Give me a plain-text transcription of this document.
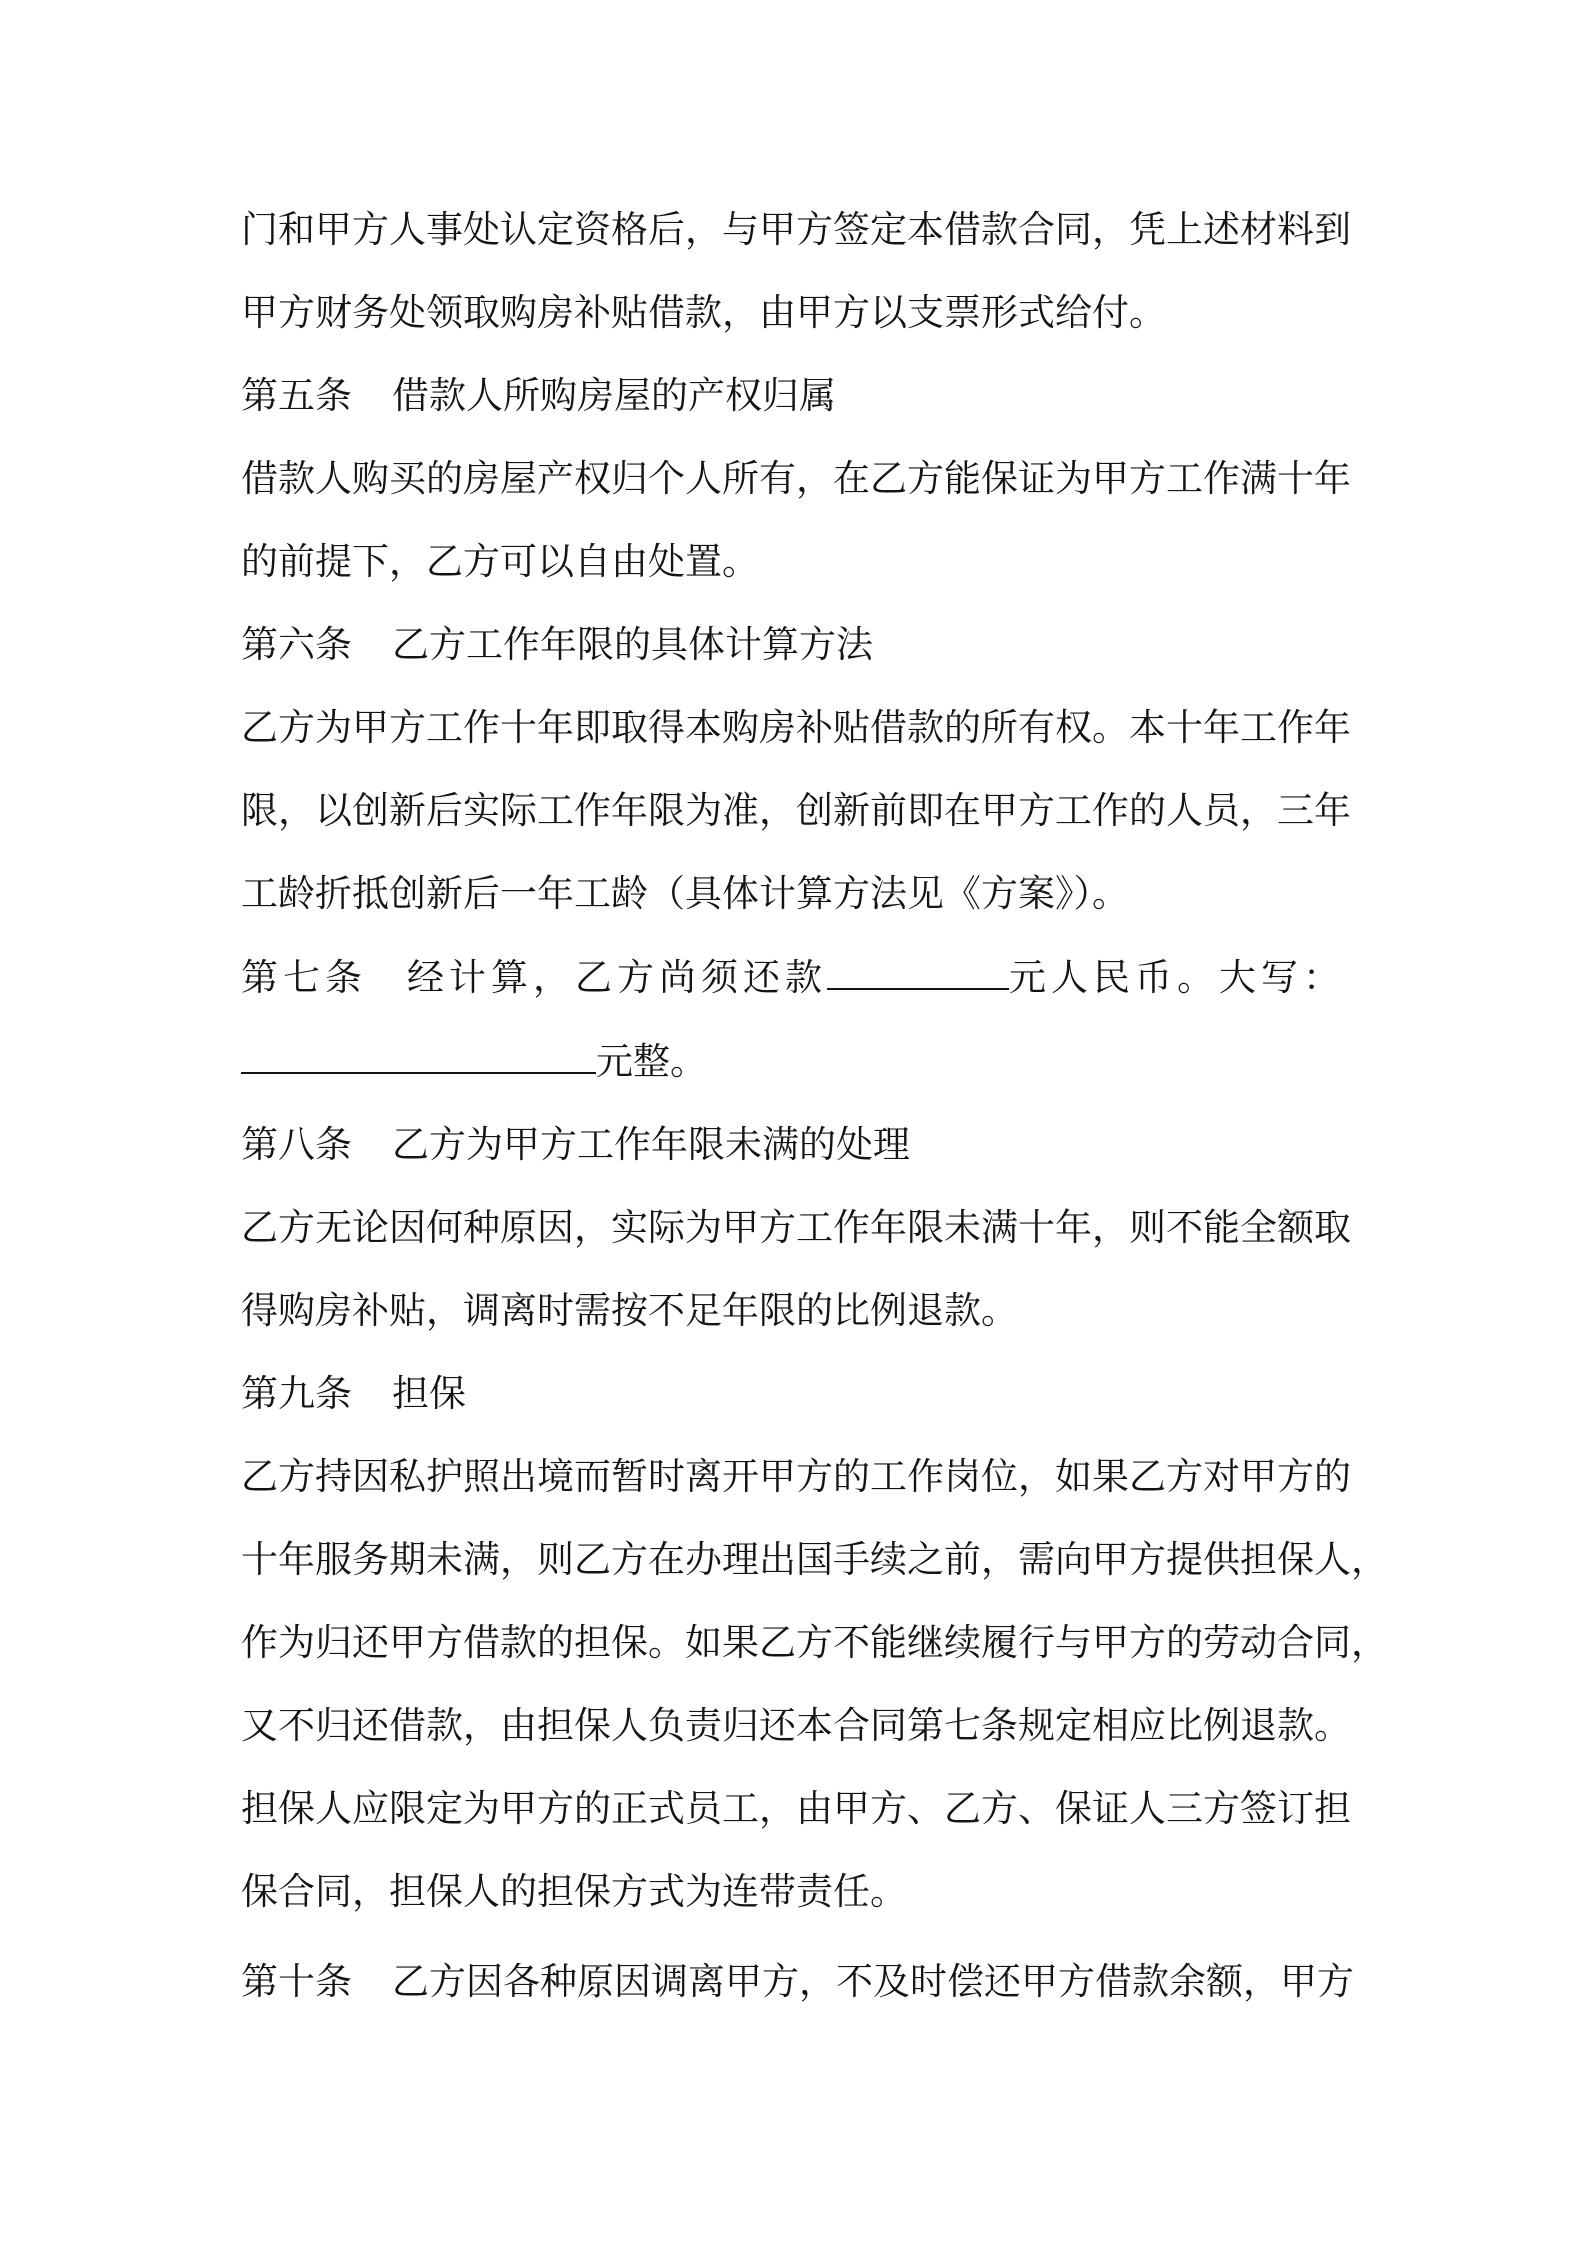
门和甲方人事处认定资格后，与甲方签定本借款合同，凭上述材料到
甲方财务处领取购房补贴借款，由甲方以支票形式给付。
第五条 借款人所购房屋的产权归属
借款人购买的房屋产权归个人所有，在乙方能保证为甲方工作满十年
的前提下，乙方可以自由处置。
第六条 乙方工作年限的具体计算方法
乙方为甲方工作十年即取得本购房补贴借款的所有权。本十年工作年
限，以创新后实际工作年限为准，创新前即在甲方工作的人员，三年
工龄折抵创新后一年工龄（具体计算方法见《方案》）。
第七条 经计算，乙方尚须还款	元人民币。大写：
元整。
第八条 乙方为甲方工作年限未满的处理
乙方无论因何种原因，实际为甲方工作年限未满十年，则不能全额取
得购房补贴，调离时需按不足年限的比例退款。
第九条 担保
乙方持因私护照出境而暂时离开甲方的工作岗位，如果乙方对甲方的
十年服务期未满，则乙方在办理出国手续之前，需向甲方提供担保人，
作为归还甲方借款的担保。如果乙方不能继续履行与甲方的劳动合同，
又不归还借款，由担保人负责归还本合同第七条规定相应比例退款。
担保人应限定为甲方的正式员工，由甲方、乙方、保证人三方签订担
保合同，担保人的担保方式为连带责任。
第十条 乙方因各种原因调离甲方，不及时偿还甲方借款余额，甲方
